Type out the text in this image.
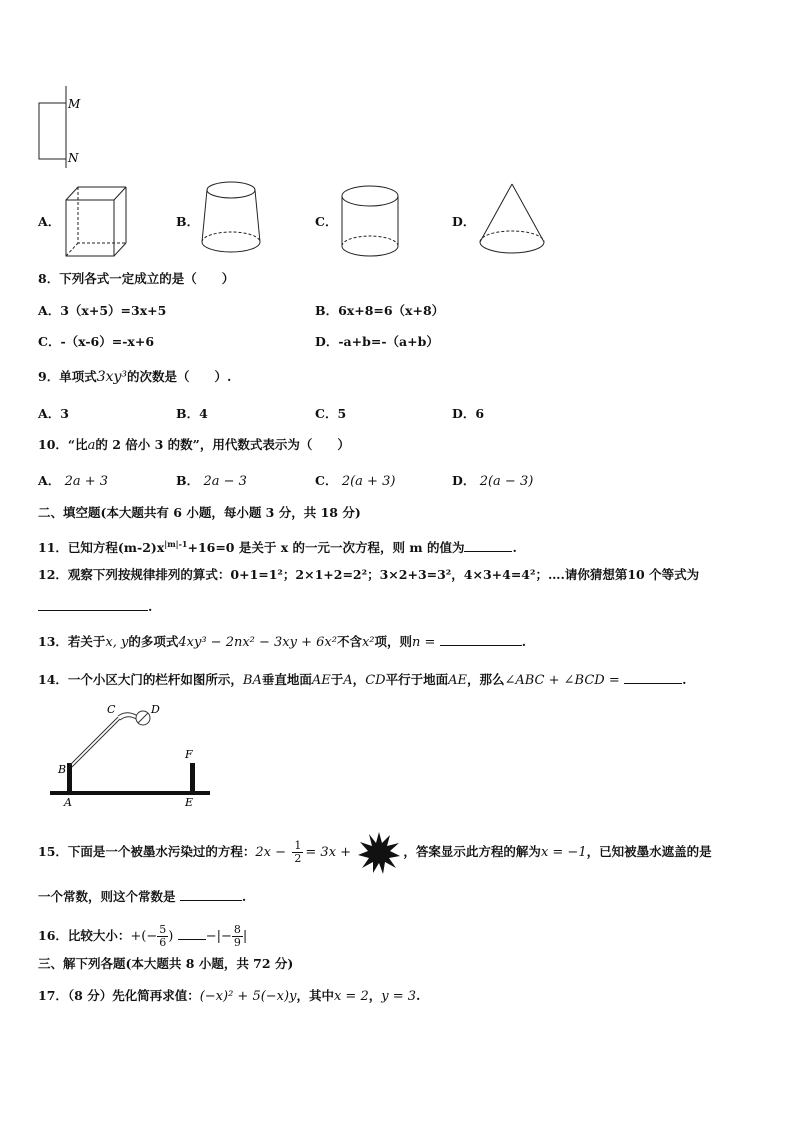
M
N
A．	B．	C．	D．
8．下列各式一定成立的是（　　）
A．3（x+5）=3x+5	B．6x+8=6（x+8）
C．-（x-6）=-x+6	D．-a+b=-（a+b）
9．单项式3xy³的次数是（　　）.
A．3	B．4	C．5	D．6
10．“比a的 2 倍小 3 的数”，用代数式表示为（　　）
A． 2a + 3	B． 2a − 3	C． 2(a + 3)	D． 2(a − 3)
二、填空题(本大题共有 6 小题，每小题 3 分，共 18 分)
11．已知方程$(m-2)x^{|m|-1}+16=0$ 是关于 x 的一元一次方程，则 m 的值为	.
12．观察下列按规律排列的算式：0+1=1²；2×1+2=2²；3×2+3=3²，4×3+4=4²；….请你猜想第10 个等式为
.
13．若关于x, y的多项式4xy³ − 2nx² − 3xy + 6x²不含x²项，则n =	.
14．一个小区大门的栏杆如图所示，BA垂直地面AE于A，CD平行于地面AE，那么∠ABC + ∠BCD =	.
C	D
B
F
A	E
15．下面是一个被墨水污染过的方程：$2x - \frac{1}{2} = 3x$ +	，答案显示此方程的解为x = −1，已知被墨水遮盖的是
一个常数，则这个常数是	.
16．比较大小：+(− $\frac{5}{6}$ ) −|− $\frac{8}{9}$ |
三、解下列各题(本大题共 8 小题，共 72 分)
17．（8 分）先化简再求值：(−x)² + 5(−x)y，其中x = 2，y = 3.
